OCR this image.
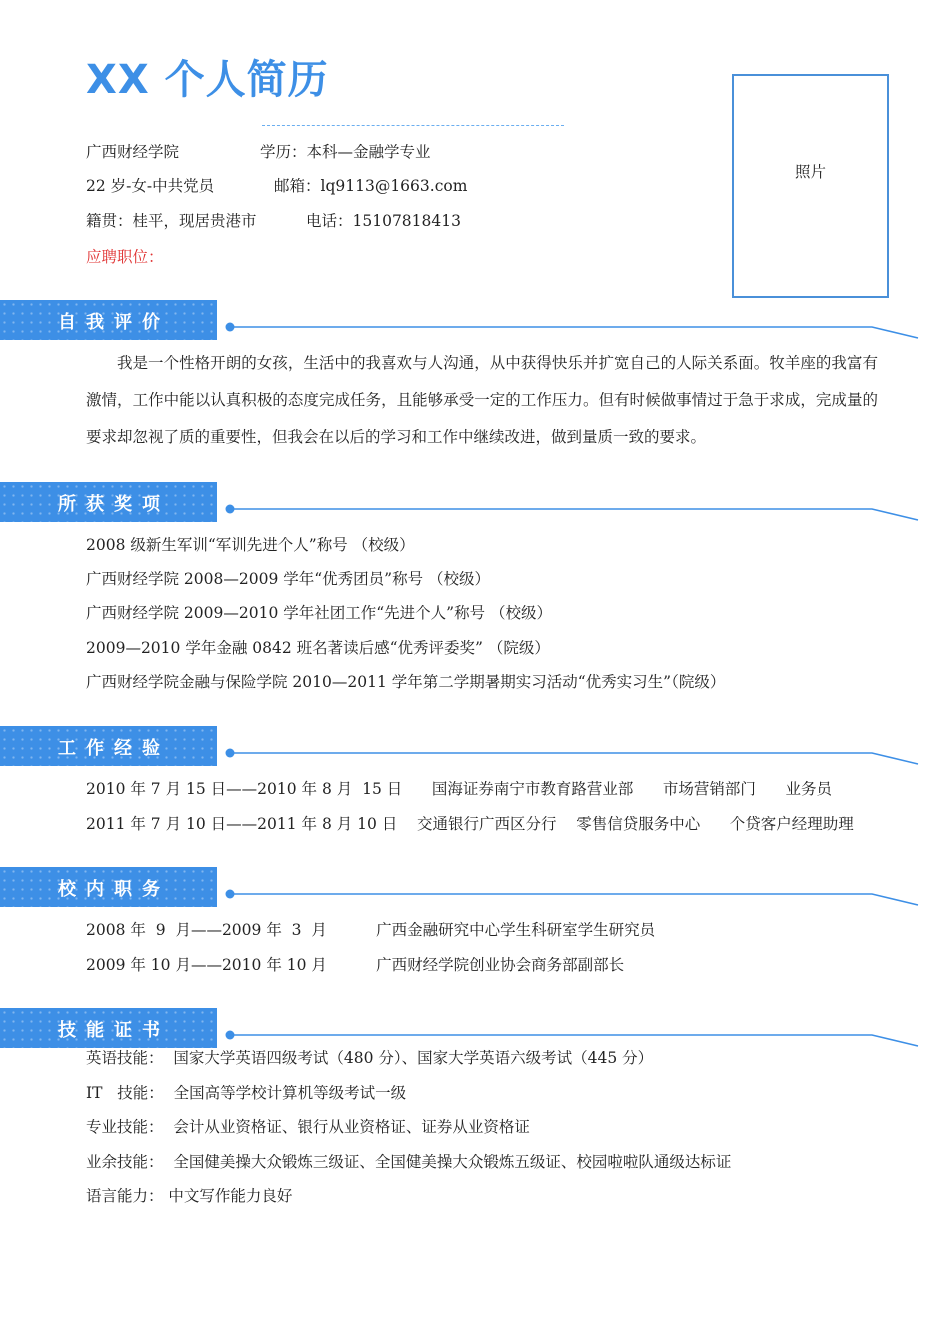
XX 个人简历
广西财经学院	学历：本科—金融学专业
22 岁-女-中共党员	邮箱：lq9113@1663.com
籍贯：桂平，现居贵港市	电话：15107818413
应聘职位：
照片
自我评价
我是一个性格开朗的女孩，生活中的我喜欢与人沟通，从中获得快乐并扩宽自己的人际关系面。牧羊座的我富有激情，工作中能以认真积极的态度完成任务，且能够承受一定的工作压力。但有时候做事情过于急于求成，完成量的要求却忽视了质的重要性，但我会在以后的学习和工作中继续改进，做到量质一致的要求。
所获奖项
2008 级新生军训“军训先进个人”称号 （校级）
广西财经学院 2008—2009 学年“优秀团员”称号 （校级）
广西财经学院 2009—2010 学年社团工作“先进个人”称号 （校级）
2009—2010 学年金融 0842 班名著读后感“优秀评委奖” （院级）
广西财经学院金融与保险学院 2010—2011 学年第二学期暑期实习活动“优秀实习生”（院级）
工作经验
2010 年 7 月 15 日——2010 年 8 月  15 日      国海证券南宁市教育路营业部      市场营销部门      业务员
2011 年 7 月 10 日——2011 年 8 月 10 日    交通银行广西区分行    零售信贷服务中心      个贷客户经理助理
校内职务
2008 年  9  月——2009 年  3  月          广西金融研究中心学生科研室学生研究员
2009 年 10 月——2010 年 10 月          广西财经学院创业协会商务部副部长
技能证书
英语技能：  国家大学英语四级考试（480 分）、国家大学英语六级考试（445 分）
IT   技能：  全国高等学校计算机等级考试一级
专业技能：  会计从业资格证、银行从业资格证、证券从业资格证
业余技能：  全国健美操大众锻炼三级证、全国健美操大众锻炼五级证、校园啦啦队通级达标证
语言能力： 中文写作能力良好
